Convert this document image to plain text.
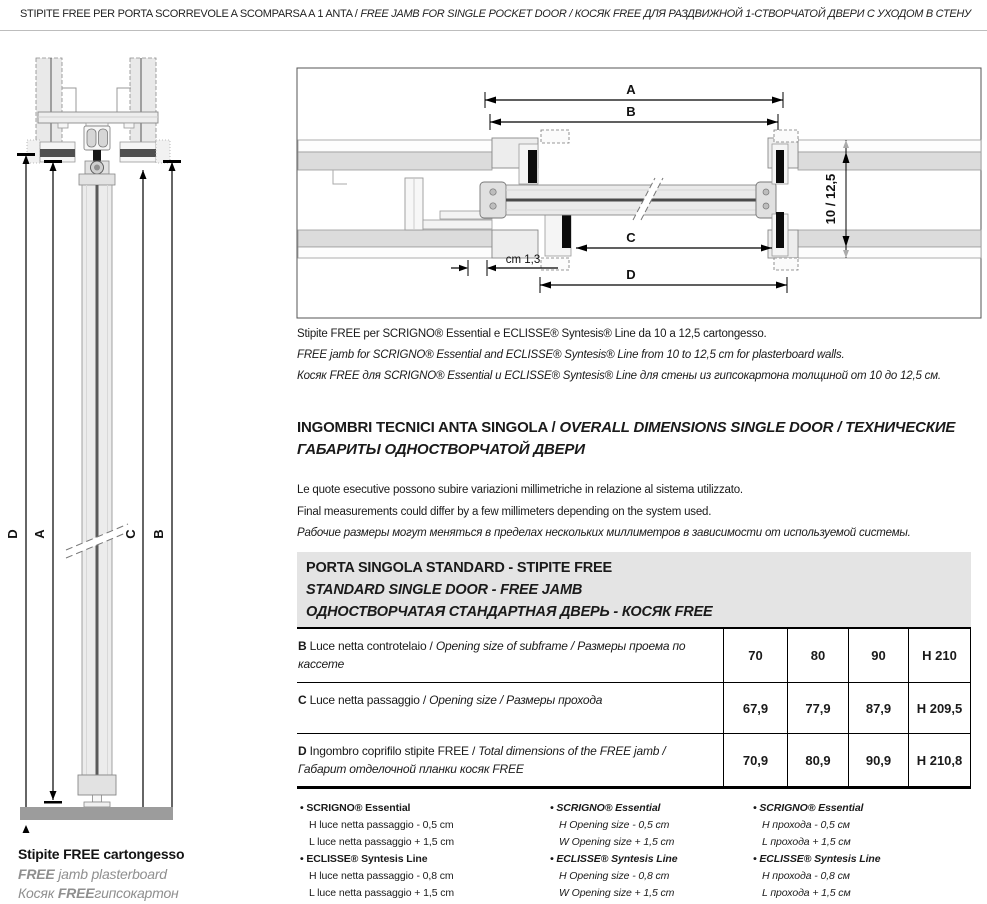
STIPITE FREE PER PORTA SCORREVOLE A SCOMPARSA A 1 ANTA / FREE JAMB FOR SINGLE POCKET DOOR / КОСЯК FREE ДЛЯ РАЗДВИЖНОЙ 1-СТВОРЧАТОЙ ДВЕРИ С УХОДОМ В СТЕНУ
D A	C B
A
B
C
D
10 / 12,5
cm 1,3
Stipite FREE per SCRIGNO® Essential e ECLISSE® Syntesis® Line da 10 a 12,5 cartongesso.
FREE jamb for SCRIGNO® Essential and ECLISSE® Syntesis® Line from 10 to 12,5 cm for plasterboard walls.
Косяк FREE для SCRIGNO® Essential и ECLISSE® Syntesis® Line для стены из гипсокартона толщиной от 10 до 12,5 см.
INGOMBRI TECNICI ANTA SINGOLA / OVERALL DIMENSIONS SINGLE DOOR / ТЕХНИЧЕСКИЕ ГАБАРИТЫ ОДНОСТВОРЧАТОЙ ДВЕРИ
Le quote esecutive possono subire variazioni millimetriche in relazione al sistema utilizzato.
Final measurements could differ by a few millimeters depending on the system used.
Рабочие размеры могут меняться в пределах нескольких миллиметров в зависимости от используемой системы.
PORTA SINGOLA STANDARD - STIPITE FREE
STANDARD SINGLE DOOR - FREE JAMB
ОДНОСТВОРЧАТАЯ СТАНДАРТНАЯ ДВЕРЬ - КОСЯК FREE
B Luce netta controtelaio / Opening size of subframe / Размеры проема по кассете
70	80	90	H 210
C Luce netta passaggio / Opening size / Размеры прохода
67,9	77,9	87,9	H 209,5
D Ingombro coprifilo stipite FREE / Total dimensions of the FREE jamb / Габарит отделочной планки косяк FREE
70,9	80,9	90,9	H 210,8
• SCRIGNO® Essential
H luce netta passaggio - 0,5 cm
L luce netta passaggio + 1,5 cm
• ECLISSE® Syntesis Line
H luce netta passaggio - 0,8 cm
L luce netta passaggio + 1,5 cm
• SCRIGNO® Essential
H Opening size - 0,5 cm
W Opening size + 1,5 cm
• ECLISSE® Syntesis Line
H Opening size - 0,8 cm
W Opening size + 1,5 cm
• SCRIGNO® Essential
H прохода - 0,5 см
L прохода + 1,5 см
• ECLISSE® Syntesis Line
H прохода - 0,8 см
L прохода + 1,5 см
Stipite FREE cartongesso
FREE jamb plasterboard
Косяк FREEгипсокартон
